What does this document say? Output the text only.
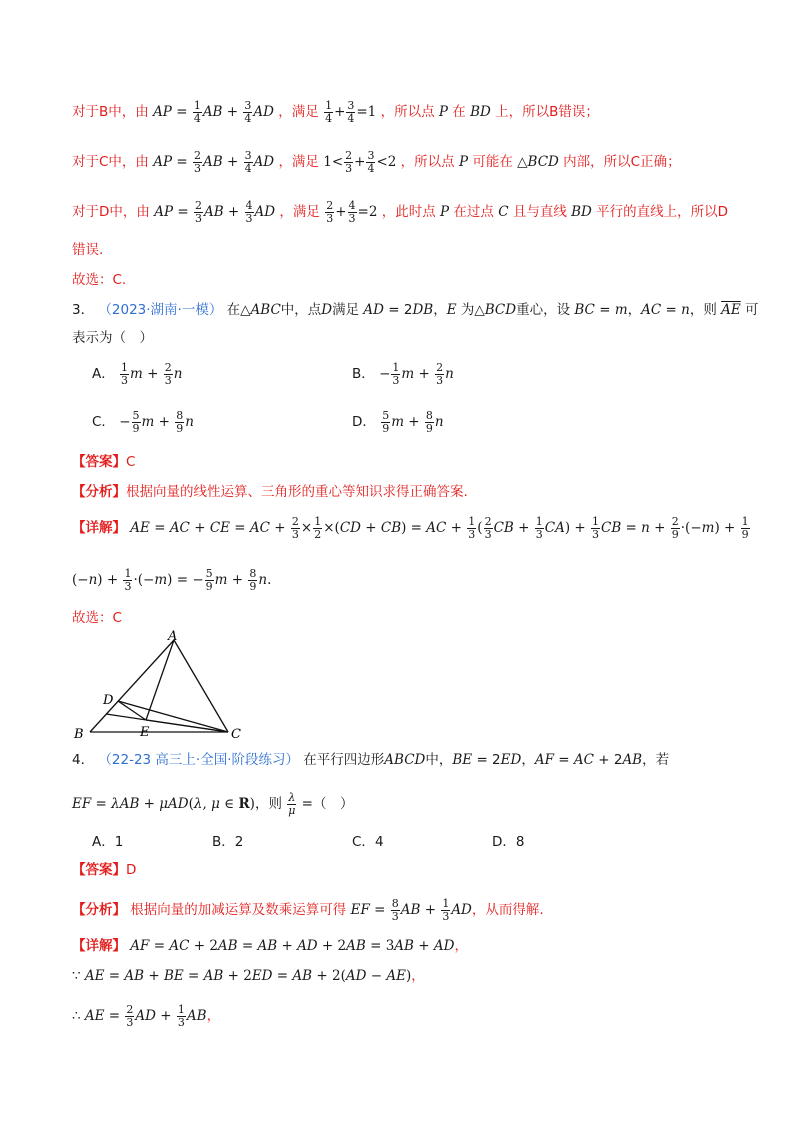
对于B中，由 AP = $\frac{1}{4}$ AB + $\frac{3}{4}$ AD ，满足 $\frac{1}{4} + \frac{3}{4} =1$ ，所以点 P 在 BD 上，所以B错误；
对于C中，由 AP = $\frac{2}{3}$ AB + $\frac{3}{4}$ AD ，满足 $1< \frac{2}{3} + \frac{3}{4} <2$ ，所以点 P 可能在 △BCD 内部，所以C正确；
对于D中，由 AP = $\frac{2}{3}$ AB + $\frac{4}{3}$ AD ，满足 $\frac{2}{3} + \frac{4}{3} =2$ ，此时点 P 在过点 C 且与直线 BD 平行的直线上，所以D
错误.
故选：C.
3． （2023·湖南·一模） 在△ABC中，点D满足 AD = 2DB，E 为△BCD重心，设 BC = m，AC = n，则 $\overline{AE}$ 可
表示为（　）
A． $\frac{1}{3}$ $m + \frac{2}{3}$ n	B． − $\frac{1}{3}$ $m + \frac{2}{3}$ n
C． − $\frac{5}{9}$ $m + \frac{8}{9}$ n	D． $\frac{5}{9}$ $m + \frac{8}{9}$ n
【答案】C
【分析】根据向量的线性运算、三角形的重心等知识求得正确答案.
【详解】 AE = AC + CE = AC + $\frac{2}{3} \times \frac{1}{2} \times(CD + CB)$ = AC + $\frac{1}{3}$ ( $\frac{2}{3}$ CB + $\frac{1}{3} CA) + \frac{1}{3}$ CB = $n + \frac{2}{9} \cdot(-m) + \frac{1}{9}$
$(-n) + \frac{1}{3} \cdot(-m)$ = − $\frac{5}{9}$ $m + \frac{8}{9} n$.
故选：C
A
B	C
D
E
4． （22-23 高三上·全国·阶段练习） 在平行四边形ABCD中，BE = 2ED，AF = AC + 2AB，若
EF = λAB + μAD(λ, μ ∈ R)，则 $\frac{\lambda}{\mu}$ =（　）
A．1	B．2	C．4	D．8
【答案】D
【分析】 根据向量的加减运算及数乘运算可得 EF = $\frac{8}{3}$ AB + $\frac{1}{3}$ AD，从而得解.
【详解】 AF = AC + 2AB = AB + AD + 2AB = 3AB + AD，
∵ AE = AB + BE = AB + 2ED = AB + 2(AD − AE)，
∴ AE = $\frac{2}{3}$ AD + $\frac{1}{3}$ AB，
